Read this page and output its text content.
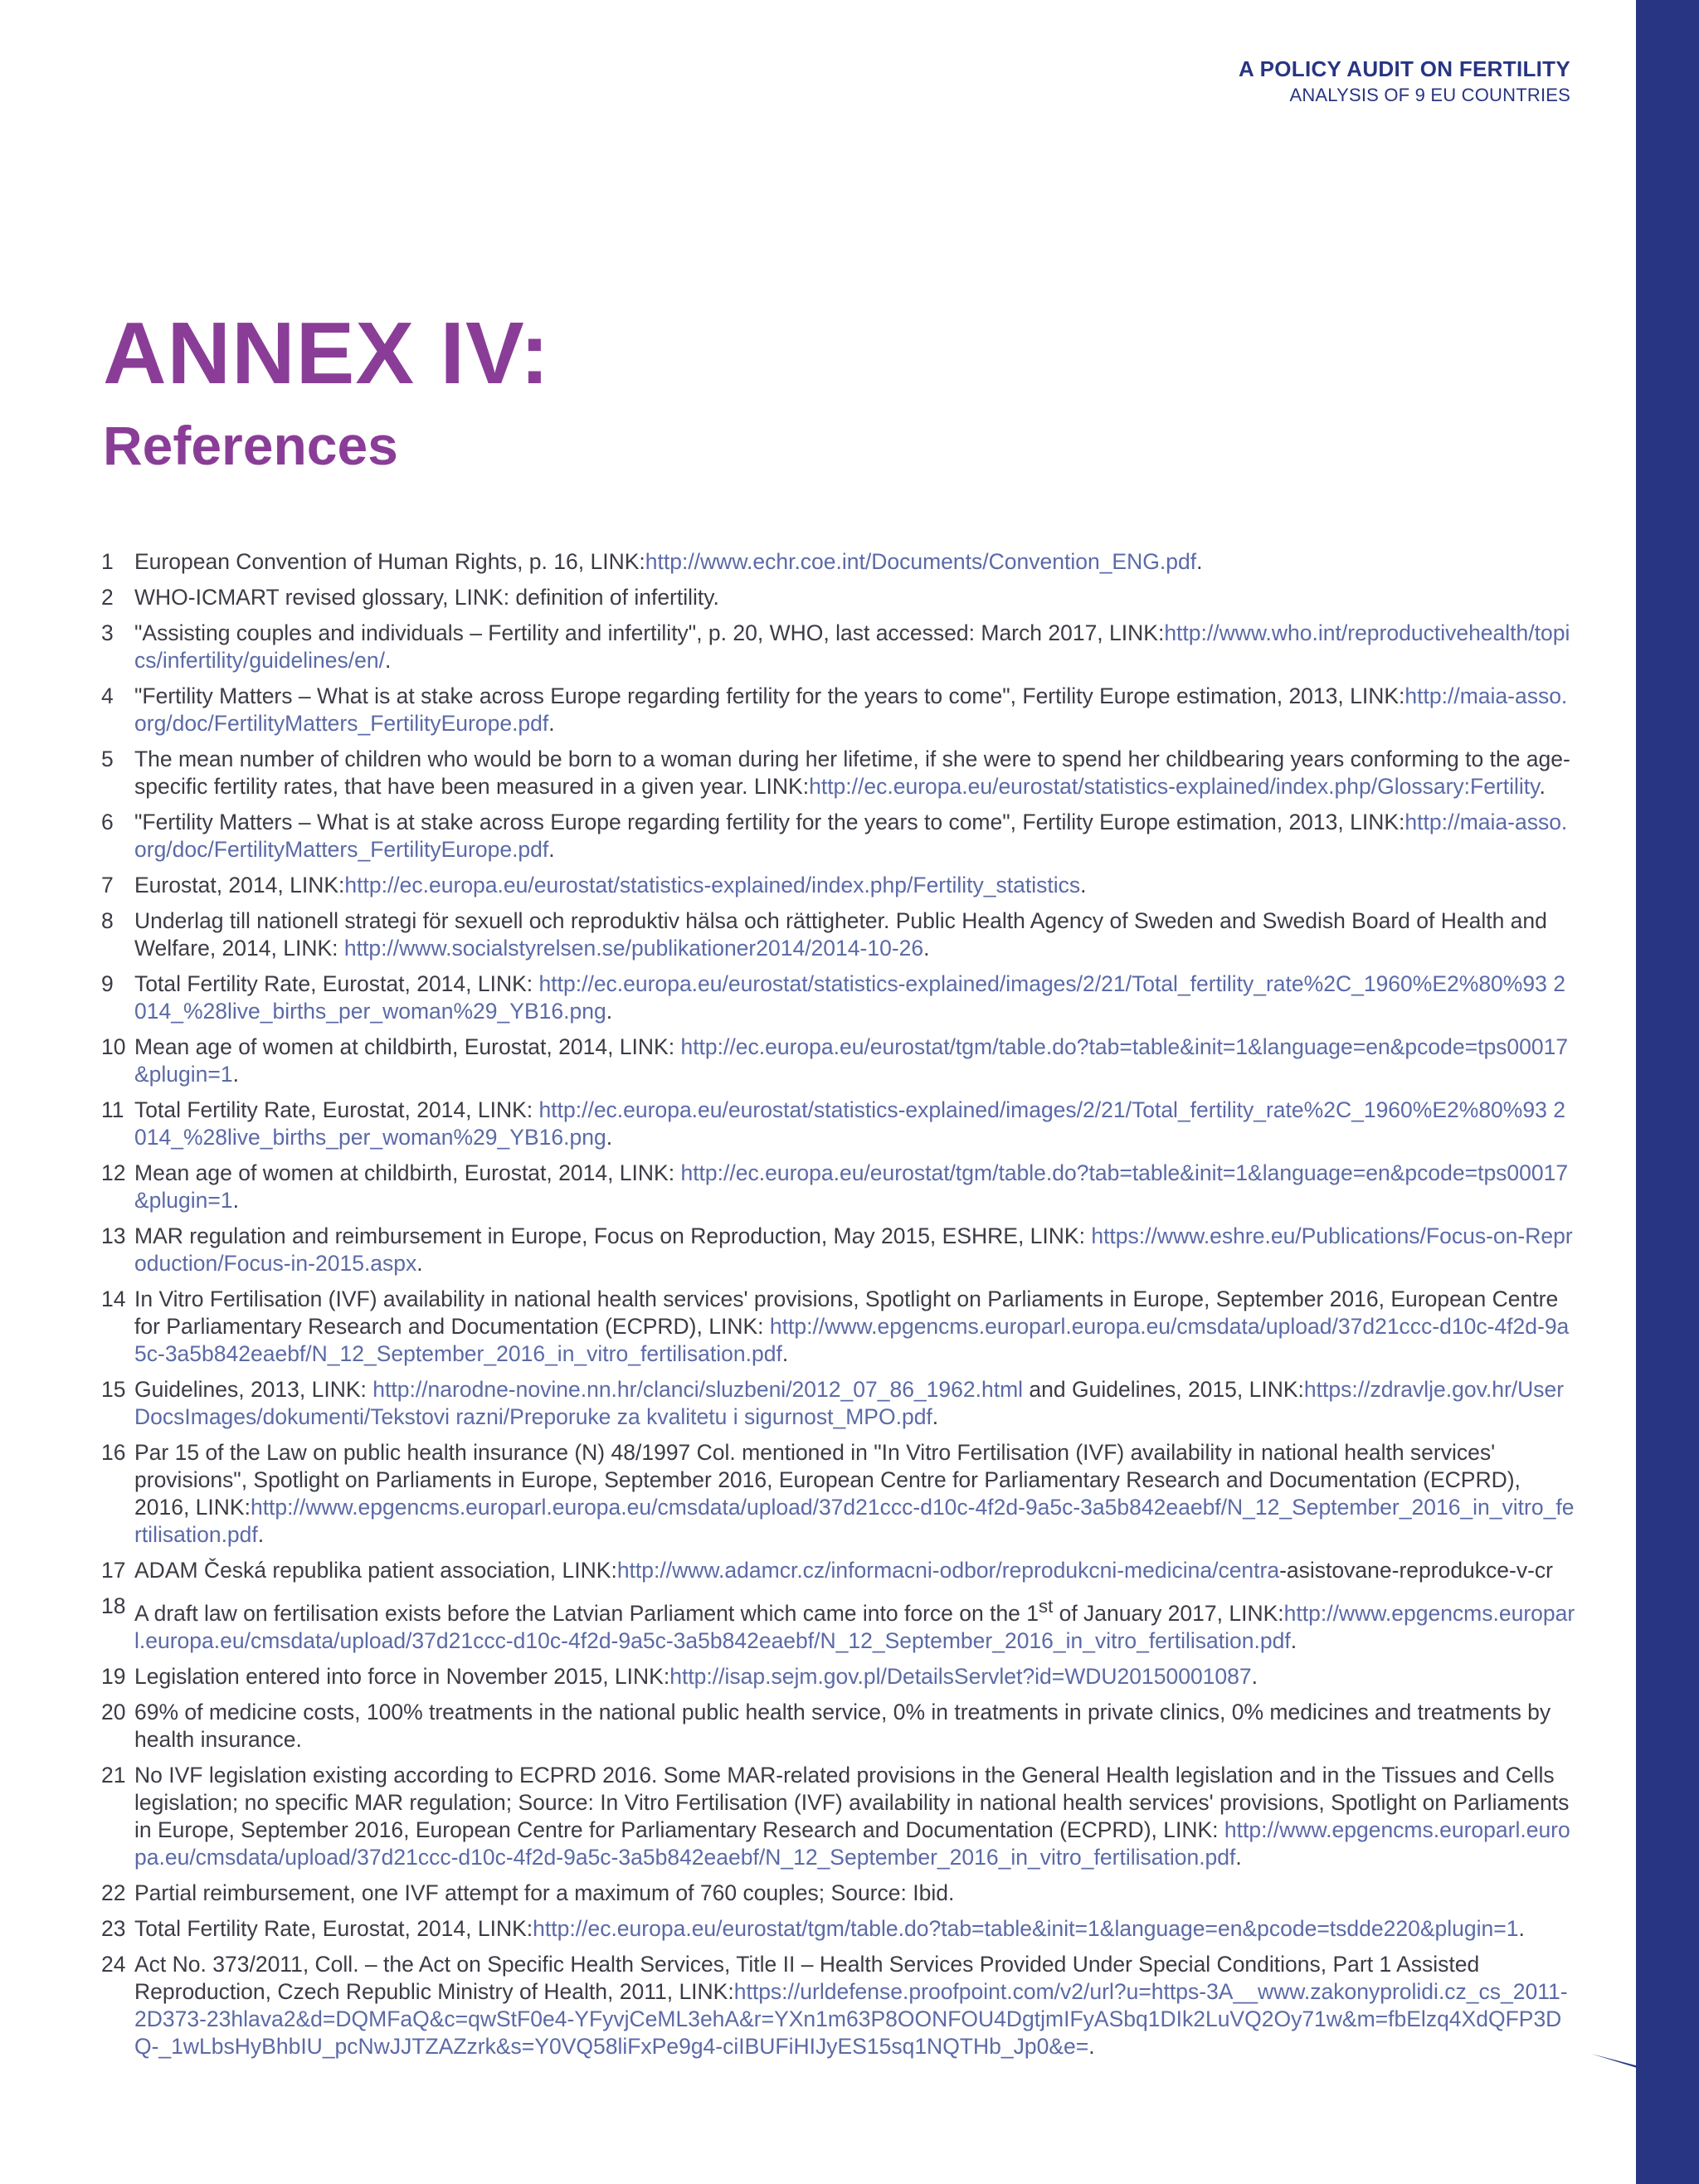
A POLICY AUDIT ON FERTILITY
ANALYSIS OF 9 EU COUNTRIES
ANNEX IV:
References
1 European Convention of Human Rights, p. 16, LINK:http://www.echr.coe.int/Documents/Convention_ENG.pdf.
2 WHO-ICMART revised glossary, LINK: definition of infertility.
3 "Assisting couples and individuals – Fertility and infertility", p. 20, WHO, last accessed: March 2017, LINK:http://www.who.int/reproductivehealth/topics/infertility/guidelines/en/.
4 "Fertility Matters – What is at stake across Europe regarding fertility for the years to come", Fertility Europe estimation, 2013, LINK:http://maia-asso.org/doc/FertilityMatters_FertilityEurope.pdf.
5 The mean number of children who would be born to a woman during her lifetime, if she were to spend her childbearing years conforming to the age-specific fertility rates, that have been measured in a given year. LINK:http://ec.europa.eu/eurostat/statistics-explained/index.php/Glossary:Fertility.
6 "Fertility Matters – What is at stake across Europe regarding fertility for the years to come", Fertility Europe estimation, 2013, LINK:http://maia-asso.org/doc/FertilityMatters_FertilityEurope.pdf.
7 Eurostat, 2014, LINK:http://ec.europa.eu/eurostat/statistics-explained/index.php/Fertility_statistics.
8 Underlag till nationell strategi för sexuell och reproduktiv hälsa och rättigheter. Public Health Agency of Sweden and Swedish Board of Health and Welfare, 2014, LINK: http://www.socialstyrelsen.se/publikationer2014/2014-10-26.
9 Total Fertility Rate, Eurostat, 2014, LINK: http://ec.europa.eu/eurostat/statistics-explained/images/2/21/Total_fertility_rate%2C_1960%E2%80%93 2014_%28live_births_per_woman%29_YB16.png.
10 Mean age of women at childbirth, Eurostat, 2014, LINK: http://ec.europa.eu/eurostat/tgm/table.do?tab=table&init=1&language=en&pcode=tps00017&plugin=1.
11 Total Fertility Rate, Eurostat, 2014, LINK: http://ec.europa.eu/eurostat/statistics-explained/images/2/21/Total_fertility_rate%2C_1960%E2%80%93 2014_%28live_births_per_woman%29_YB16.png.
12 Mean age of women at childbirth, Eurostat, 2014, LINK: http://ec.europa.eu/eurostat/tgm/table.do?tab=table&init=1&language=en&pcode=tps00017&plugin=1.
13 MAR regulation and reimbursement in Europe, Focus on Reproduction, May 2015, ESHRE, LINK: https://www.eshre.eu/Publications/Focus-on-Reproduction/Focus-in-2015.aspx.
14 In Vitro Fertilisation (IVF) availability in national health services' provisions, Spotlight on Parliaments in Europe, September 2016, European Centre for Parliamentary Research and Documentation (ECPRD), LINK: http://www.epgencms.europarl.europa.eu/cmsdata/upload/37d21ccc-d10c-4f2d-9a5c-3a5b842eaebf/N_12_September_2016_in_vitro_fertilisation.pdf.
15 Guidelines, 2013, LINK: http://narodne-novine.nn.hr/clanci/sluzbeni/2012_07_86_1962.html and Guidelines, 2015, LINK:https://zdravlje.gov.hr/UserDocsImages/dokumenti/Tekstovi razni/Preporuke za kvalitetu i sigurnost_MPO.pdf.
16 Par 15 of the Law on public health insurance (N) 48/1997 Col. mentioned in "In Vitro Fertilisation (IVF) availability in national health services' provisions", Spotlight on Parliaments in Europe, September 2016, European Centre for Parliamentary Research and Documentation (ECPRD), 2016, LINK:http://www.epgencms.europarl.europa.eu/cmsdata/upload/37d21ccc-d10c-4f2d-9a5c-3a5b842eaebf/N_12_September_2016_in_vitro_fertilisation.pdf.
17 ADAM Česká republika patient association, LINK:http://www.adamcr.cz/informacni-odbor/reprodukcni-medicina/centra-asistovane-reprodukce-v-cr
18 A draft law on fertilisation exists before the Latvian Parliament which came into force on the 1st of January 2017, LINK:http://www.epgencms.europarl.europa.eu/cmsdata/upload/37d21ccc-d10c-4f2d-9a5c-3a5b842eaebf/N_12_September_2016_in_vitro_fertilisation.pdf.
19 Legislation entered into force in November 2015, LINK:http://isap.sejm.gov.pl/DetailsServlet?id=WDU20150001087.
20 69% of medicine costs, 100% treatments in the national public health service, 0% in treatments in private clinics, 0% medicines and treatments by health insurance.
21 No IVF legislation existing according to ECPRD 2016. Some MAR-related provisions in the General Health legislation and in the Tissues and Cells legislation; no specific MAR regulation; Source: In Vitro Fertilisation (IVF) availability in national health services' provisions, Spotlight on Parliaments in Europe, September 2016, European Centre for Parliamentary Research and Documentation (ECPRD), LINK: http://www.epgencms.europarl.europa.eu/cmsdata/upload/37d21ccc-d10c-4f2d-9a5c-3a5b842eaebf/N_12_September_2016_in_vitro_fertilisation.pdf.
22 Partial reimbursement, one IVF attempt for a maximum of 760 couples; Source: Ibid.
23 Total Fertility Rate, Eurostat, 2014, LINK:http://ec.europa.eu/eurostat/tgm/table.do?tab=table&init=1&language=en&pcode=tsdde220&plugin=1.
24 Act No. 373/2011, Coll. – the Act on Specific Health Services, Title II – Health Services Provided Under Special Conditions, Part 1 Assisted Reproduction, Czech Republic Ministry of Health, 2011, LINK:https://urldefense.proofpoint.com/v2/url?u=https-3A__www.zakonyprolidi.cz_cs_2011-2D373-23hlava2&d=DQMFaQ&c=qwStF0e4-YFyvjCeML3ehA&r=YXn1m63P8OONFOU4DgtjmIFyASbq1DIk2LuVQ2Oy71w&m=fbElzq4XdQFP3DQ-_1wLbsHyBhbIU_pcNwJJTZAZzrk&s=Y0VQ58liFxPe9g4-ciIBUFiHIJyES15sq1NQTHb_Jp0&e=.
59
